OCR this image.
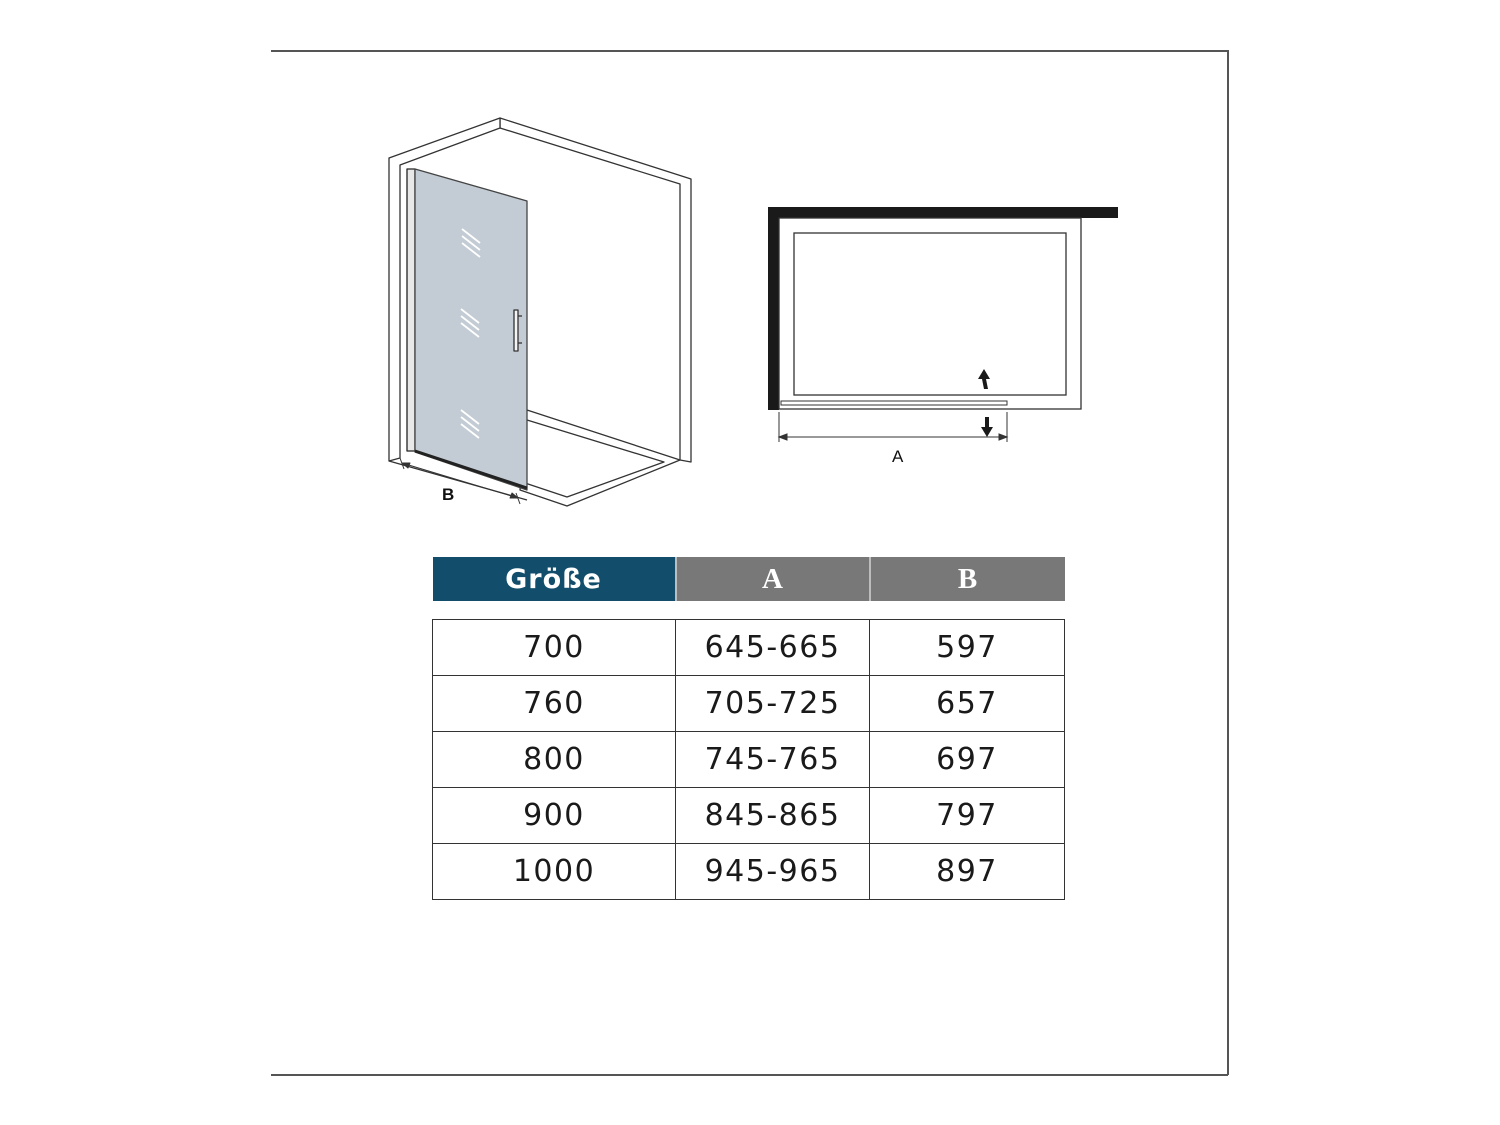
B
A
Größe	A	B

700	645-665	597
760	705-725	657
800	745-765	697
900	845-865	797
1000	945-965	897
